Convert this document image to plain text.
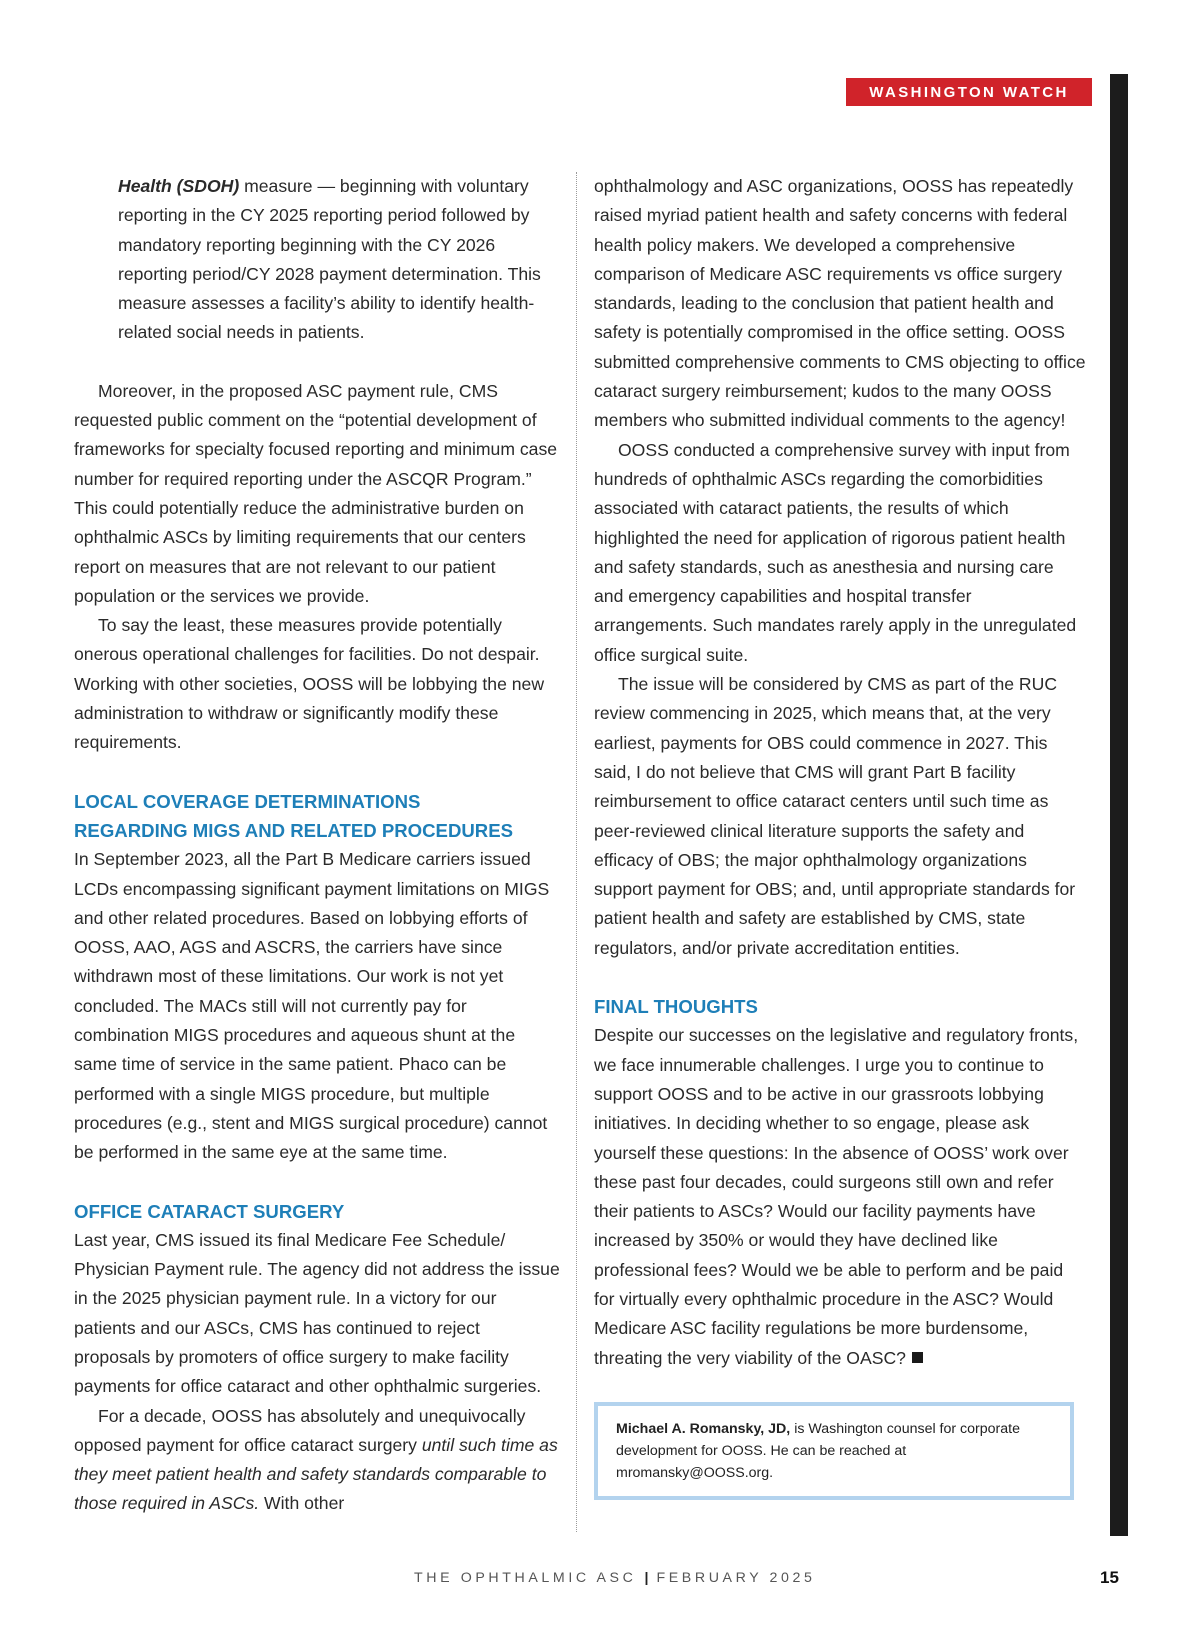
WASHINGTON WATCH

Health (SDOH) measure — beginning with voluntary reporting in the CY 2025 reporting period followed by mandatory reporting beginning with the CY 2026 reporting period/CY 2028 payment determination. This measure assesses a facility’s ability to identify health-related social needs in patients.

Moreover, in the proposed ASC payment rule, CMS requested public comment on the “potential development of frameworks for specialty focused reporting and minimum case number for required reporting under the ASCQR Program.” This could potentially reduce the administrative burden on ophthalmic ASCs by limiting requirements that our centers report on measures that are not relevant to our patient population or the services we provide.

To say the least, these measures provide potentially onerous operational challenges for facilities. Do not despair. Working with other societies, OOSS will be lobbying the new administration to withdraw or significantly modify these requirements.

LOCAL COVERAGE DETERMINATIONS
REGARDING MIGS AND RELATED PROCEDURES

In September 2023, all the Part B Medicare carriers issued LCDs encompassing significant payment limitations on MIGS and other related procedures. Based on lobbying efforts of OOSS, AAO, AGS and ASCRS, the carriers have since withdrawn most of these limitations. Our work is not yet concluded. The MACs still will not currently pay for combination MIGS procedures and aqueous shunt at the same time of service in the same patient. Phaco can be performed with a single MIGS procedure, but multiple procedures (e.g., stent and MIGS surgical procedure) cannot be performed in the same eye at the same time.

OFFICE CATARACT SURGERY

Last year, CMS issued its final Medicare Fee Schedule/ Physician Payment rule. The agency did not address the issue in the 2025 physician payment rule. In a victory for our patients and our ASCs, CMS has continued to reject proposals by promoters of office surgery to make facility payments for office cataract and other ophthalmic surgeries.

For a decade, OOSS has absolutely and unequivocally opposed payment for office cataract surgery until such time as they meet patient health and safety standards comparable to those required in ASCs. With other

ophthalmology and ASC organizations, OOSS has repeatedly raised myriad patient health and safety concerns with federal health policy makers. We developed a comprehensive comparison of Medicare ASC requirements vs office surgery standards, leading to the conclusion that patient health and safety is potentially compromised in the office setting. OOSS submitted comprehensive comments to CMS objecting to office cataract surgery reimbursement; kudos to the many OOSS members who submitted individual comments to the agency!

OOSS conducted a comprehensive survey with input from hundreds of ophthalmic ASCs regarding the comorbidities associated with cataract patients, the results of which highlighted the need for application of rigorous patient health and safety standards, such as anesthesia and nursing care and emergency capabilities and hospital transfer arrangements. Such mandates rarely apply in the unregulated office surgical suite.

The issue will be considered by CMS as part of the RUC review commencing in 2025, which means that, at the very earliest, payments for OBS could commence in 2027. This said, I do not believe that CMS will grant Part B facility reimbursement to office cataract centers until such time as peer-reviewed clinical literature supports the safety and efficacy of OBS; the major ophthalmology organizations support payment for OBS; and, until appropriate standards for patient health and safety are established by CMS, state regulators, and/or private accreditation entities.

FINAL THOUGHTS

Despite our successes on the legislative and regulatory fronts, we face innumerable challenges. I urge you to continue to support OOSS and to be active in our grassroots lobbying initiatives. In deciding whether to so engage, please ask yourself these questions: In the absence of OOSS’ work over these past four decades, could surgeons still own and refer their patients to ASCs? Would our facility payments have increased by 350% or would they have declined like professional fees? Would we be able to perform and be paid for virtually every ophthalmic procedure in the ASC? Would Medicare ASC facility regulations be more burdensome, threating the very viability of the OASC?

Michael A. Romansky, JD, is Washington counsel for corporate development for OOSS. He can be reached at mromansky@OOSS.org.
THE OPHTHALMIC ASC | FEBRUARY 2025	15
